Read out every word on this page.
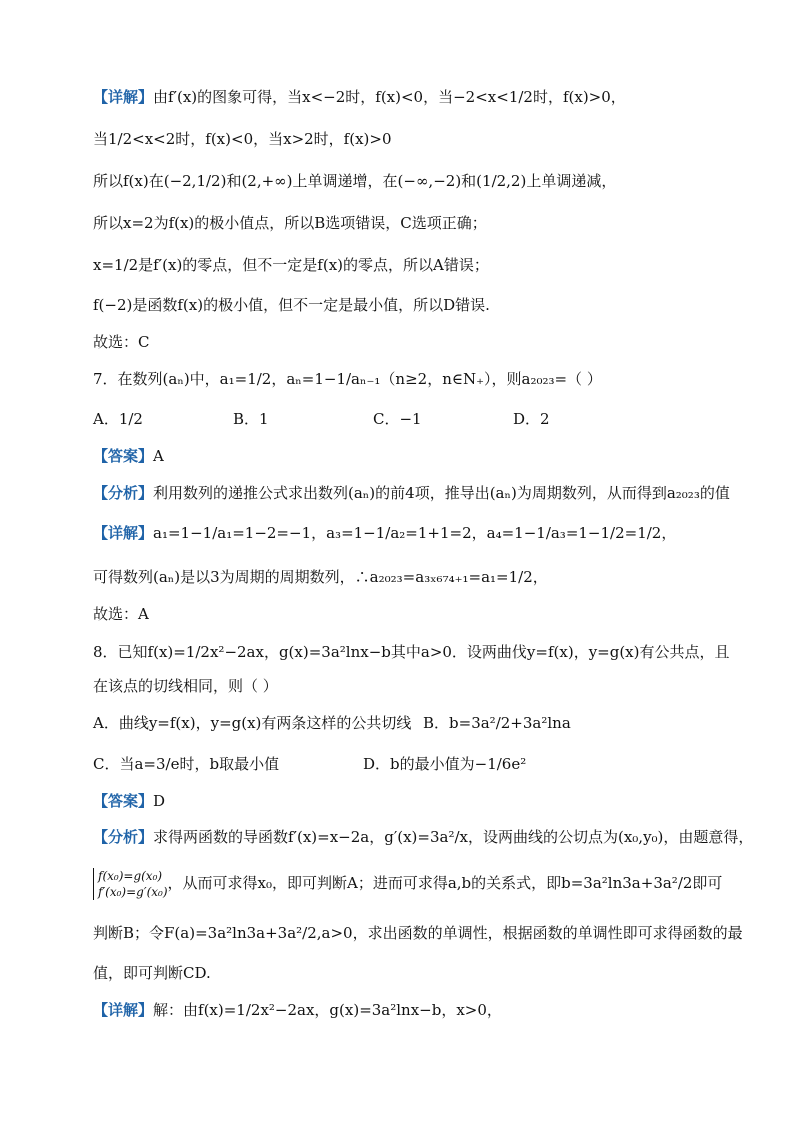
【详解】由f′(x)的图象可得，当x<−2时，f(x)<0，当−2<x<1/2时，f(x)>0，
当1/2<x<2时，f(x)<0，当x>2时，f(x)>0
所以f(x)在(−2,1/2)和(2,+∞)上单调递增，在(−∞,−2)和(1/2,2)上单调递减，
所以x=2为f(x)的极小值点，所以B选项错误，C选项正确；
x=1/2是f′(x)的零点，但不一定是f(x)的零点，所以A错误；
f(−2)是函数f(x)的极小值，但不一定是最小值，所以D错误.
故选：C
7．在数列(aₙ)中，a₁=1/2，aₙ=1−1/aₙ₋₁（n≥2，n∈N₊），则a₂₀₂₃=（ ）
A．1/2	B．1	C．−1	D．2
【答案】A
【分析】利用数列的递推公式求出数列(aₙ)的前4项，推导出(aₙ)为周期数列，从而得到a₂₀₂₃的值
【详解】a₁=1−1/a₁=1−2=−1，a₃=1−1/a₂=1+1=2，a₄=1−1/a₃=1−1/2=1/2，
可得数列(aₙ)是以3为周期的周期数列，∴a₂₀₂₃=a₃ₓ₆₇₄₊₁=a₁=1/2，
故选：A
8．已知f(x)=1/2x²−2ax，g(x)=3a²lnx−b其中a>0．设两曲伐y=f(x)，y=g(x)有公共点，且
在该点的切线相同，则（ ）
A．曲线y=f(x)，y=g(x)有两条这样的公共切线 B．b=3a²/2+3a²lna
C．当a=3/e时，b取最小值	D．b的最小值为−1/6e²
【答案】D
【分析】求得两函数的导函数f′(x)=x−2a，g′(x)=3a²/x，设两曲线的公切点为(x₀,y₀)，由题意得，
f(x₀)=g(x₀)
f′(x₀)=g′(x₀) ，从而可求得x₀，即可判断A；进而可求得a,b的关系式，即b=3a²ln3a+3a²/2即可
判断B；令F(a)=3a²ln3a+3a²/2,a>0，求出函数的单调性，根据函数的单调性即可求得函数的最
值，即可判断CD.
【详解】解：由f(x)=1/2x²−2ax，g(x)=3a²lnx−b，x>0，
